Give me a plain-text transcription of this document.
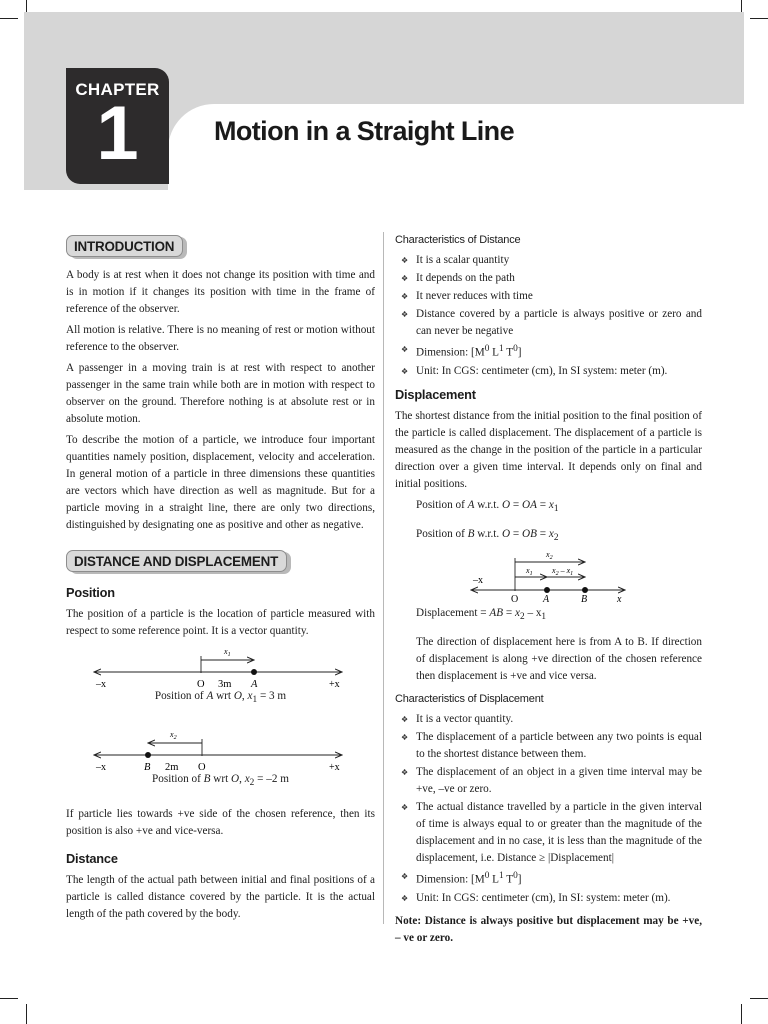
CHAPTER
1	Motion in a Straight Line
INTRODUCTION

A body is at rest when it does not change its position with time and is in motion if it changes its position with time in the frame of reference of the observer.

All motion is relative. There is no meaning of rest or motion without reference to the observer.

A passenger in a moving train is at rest with respect to another passenger in the same train while both are in motion with respect to observer on the ground. Therefore nothing is at absolute rest or in absolute motion.

To describe the motion of a particle, we introduce four important quantities namely position, displacement, velocity and acceleration. In general motion of a particle in three dimensions these quantities are vectors which have direction as well as magnitude. But for a particle moving in a straight line, there are only two directions, distinguished by designating one as positive and other as negative.

DISTANCE AND DISPLACEMENT
Position

The position of a particle is the location of particle measured with respect to some reference point. It is a vector quantity.

$x_1$
–x	+x
O 3m A
Position of A wrt O, $x_1 = 3$ m
$x_2$
–x	+x
B 2m O
Position of B wrt O, $x_2 = -2$ m

If particle lies towards +ve side of the chosen reference, then its position is also +ve and vice-versa.

Distance

The length of the actual path between initial and final positions of a particle is called distance covered by the particle. It is the actual length of the path covered by the body.

Characteristics of Distance
❖ It is a scalar quantity
❖ It depends on the path
❖ It never reduces with time
❖ Distance covered by a particle is always positive or zero and can never be negative
❖ Dimension: [$M^0$ $L^1$ $T^0$]
❖ Unit: In CGS: centimeter (cm), In SI system: meter (m).
Displacement

The shortest distance from the initial position to the final position of the particle is called displacement. The displacement of a particle is measured as the change in the position of the particle in a particular direction over a given time interval. It depends only on final and initial positions.

Position of A w.r.t. O = OA = $x_1$
Position of B w.r.t. O = OB = $x_2$
$x_2$
$x_1$ $x_2 - x_1$
–x
x
O A	B
Displacement = AB = $x_2 - x_1$

The direction of displacement here is from A to B. If direction of displacement is along +ve direction of the chosen reference then displacement is +ve and vice versa.

Characteristics of Displacement
❖ It is a vector quantity.
❖ The displacement of a particle between any two points is equal to the shortest distance between them.
❖ The displacement of an object in a given time interval may be +ve, –ve or zero.
❖ The actual distance travelled by a particle in the given interval of time is always equal to or greater than the magnitude of the displacement and in no case, it is less than the magnitude of the displacement, i.e. Distance ≥ |Displacement|
❖ Dimension: [$M^0$ $L^1$ $T^0$]
❖ Unit: In CGS: centimeter (cm), In SI: system: meter (m).

Note: Distance is always positive but displacement may be +ve, – ve or zero.
